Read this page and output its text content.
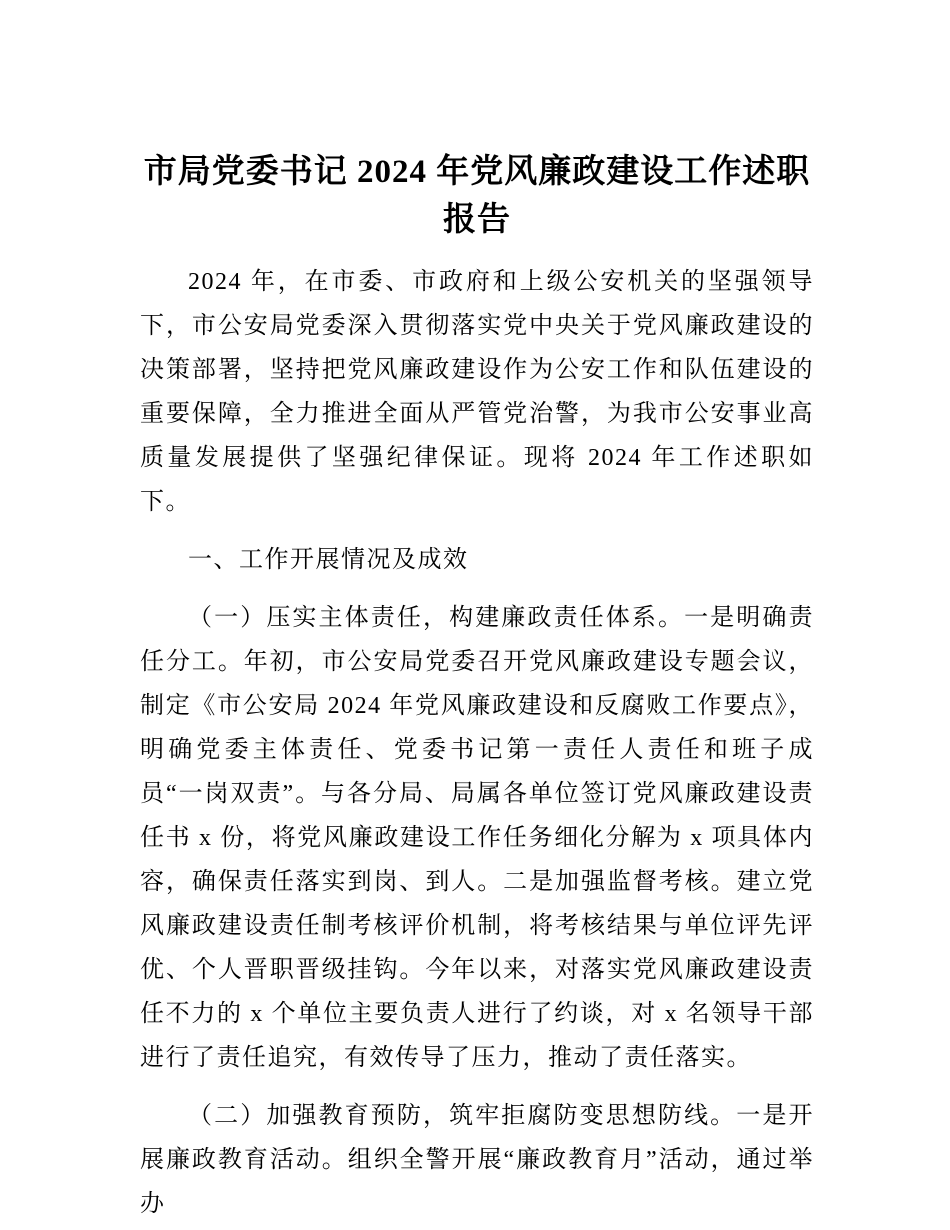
市局党委书记 2024 年党风廉政建设工作述职报告

2024 年，在市委、市政府和上级公安机关的坚强领导下，市公安局党委深入贯彻落实党中央关于党风廉政建设的决策部署，坚持把党风廉政建设作为公安工作和队伍建设的重要保障，全力推进全面从严管党治警，为我市公安事业高质量发展提供了坚强纪律保证。现将 2024 年工作述职如下。

一、工作开展情况及成效

（一）压实主体责任，构建廉政责任体系。一是明确责任分工。年初，市公安局党委召开党风廉政建设专题会议，制定《市公安局 2024 年党风廉政建设和反腐败工作要点》，明确党委主体责任、党委书记第一责任人责任和班子成员“一岗双责”。与各分局、局属各单位签订党风廉政建设责任书 x 份，将党风廉政建设工作任务细化分解为 x 项具体内容，确保责任落实到岗、到人。二是加强监督考核。建立党风廉政建设责任制考核评价机制，将考核结果与单位评先评优、个人晋职晋级挂钩。今年以来，对落实党风廉政建设责任不力的 x 个单位主要负责人进行了约谈，对 x 名领导干部进行了责任追究，有效传导了压力，推动了责任落实。

（二）加强教育预防，筑牢拒腐防变思想防线。一是开展廉政教育活动。组织全警开展“廉政教育月”活动，通过举办
